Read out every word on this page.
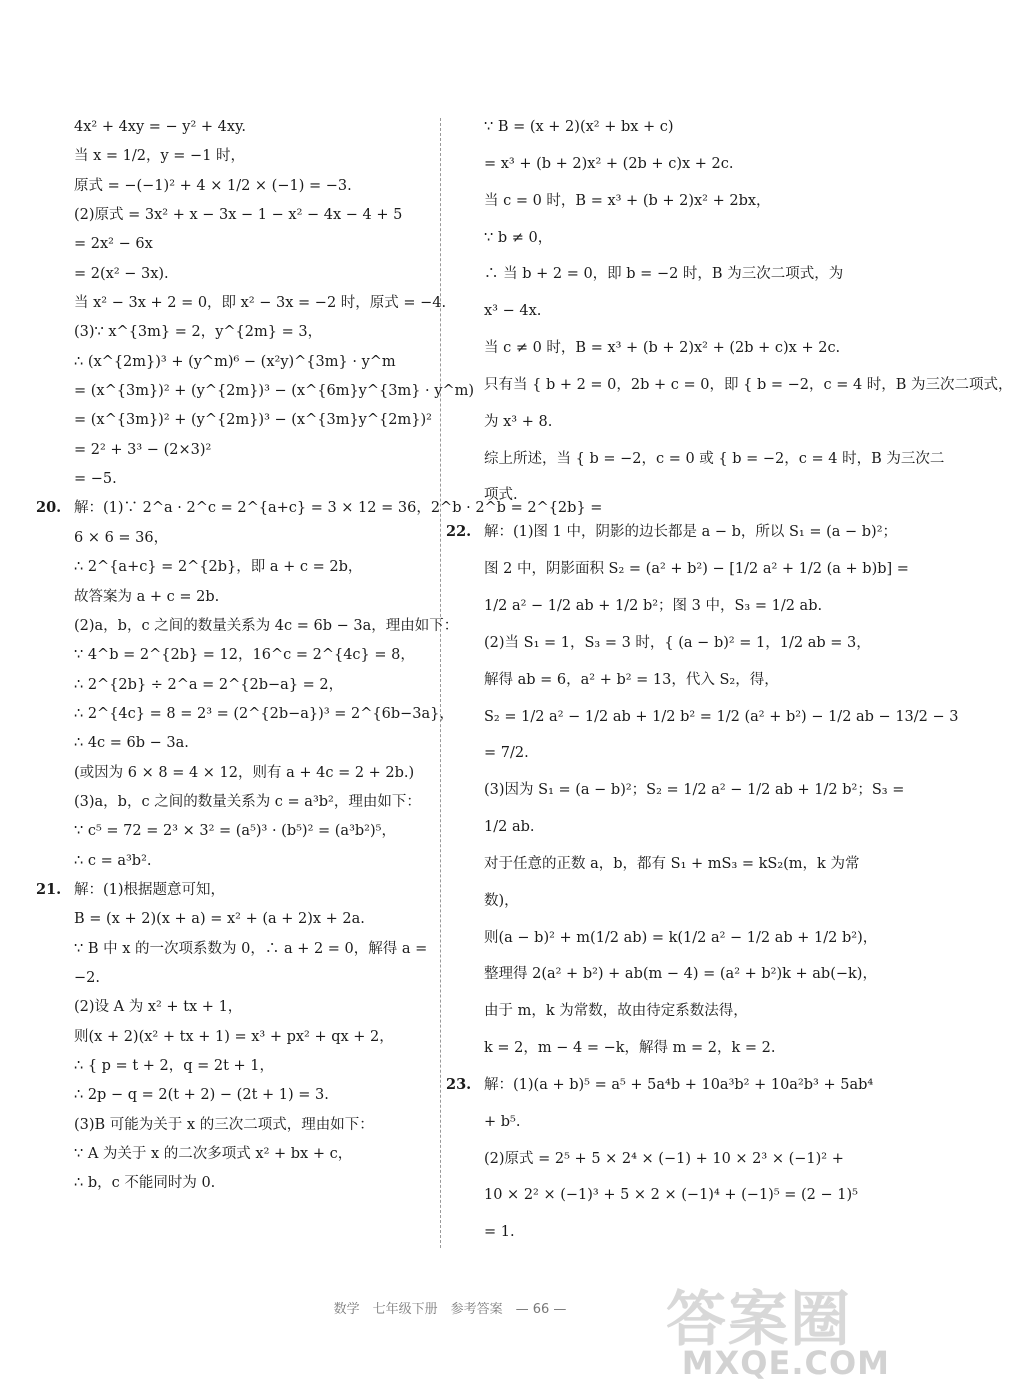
4x² + 4xy = − y² + 4xy.
当 x = 1/2，y = −1 时，
原式 = −(−1)² + 4 × 1/2 × (−1) = −3.
(2)原式 = 3x² + x − 3x − 1 − x² − 4x − 4 + 5
= 2x² − 6x
= 2(x² − 3x).
当 x² − 3x + 2 = 0，即 x² − 3x = −2 时，原式 = −4.
(3)∵ x^{3m} = 2，y^{2m} = 3，
∴ (x^{2m})³ + (y^m)⁶ − (x²y)^{3m} · y^m
= (x^{3m})² + (y^{2m})³ − (x^{6m}y^{3m} · y^m)
= (x^{3m})² + (y^{2m})³ − (x^{3m}y^{2m})²
= 2² + 3³ − (2×3)²
= −5.
20. 解：(1)∵ 2^a · 2^c = 2^{a+c} = 3 × 12 = 36，2^b · 2^b = 2^{2b} =
6 × 6 = 36，
∴ 2^{a+c} = 2^{2b}，即 a + c = 2b，
故答案为 a + c = 2b.
(2)a，b，c 之间的数量关系为 4c = 6b − 3a，理由如下：
∵ 4^b = 2^{2b} = 12，16^c = 2^{4c} = 8，
∴ 2^{2b} ÷ 2^a = 2^{2b−a} = 2，
∴ 2^{4c} = 8 = 2³ = (2^{2b−a})³ = 2^{6b−3a}，
∴ 4c = 6b − 3a.
(或因为 6 × 8 = 4 × 12，则有 a + 4c = 2 + 2b.)
(3)a，b，c 之间的数量关系为 c = a³b²，理由如下：
∵ c⁵ = 72 = 2³ × 3² = (a⁵)³ · (b⁵)² = (a³b²)⁵，
∴ c = a³b².
21. 解：(1)根据题意可知，
B = (x + 2)(x + a) = x² + (a + 2)x + 2a.
∵ B 中 x 的一次项系数为 0，∴ a + 2 = 0，解得 a =
−2.
(2)设 A 为 x² + tx + 1，
则(x + 2)(x² + tx + 1) = x³ + px² + qx + 2，
∴ { p = t + 2，q = 2t + 1，
∴ 2p − q = 2(t + 2) − (2t + 1) = 3.
(3)B 可能为关于 x 的三次二项式，理由如下：
∵ A 为关于 x 的二次多项式 x² + bx + c，
∴ b，c 不能同时为 0.
∵ B = (x + 2)(x² + bx + c)
= x³ + (b + 2)x² + (2b + c)x + 2c.
当 c = 0 时，B = x³ + (b + 2)x² + 2bx，
∵ b ≠ 0，
∴ 当 b + 2 = 0，即 b = −2 时，B 为三次二项式，为
x³ − 4x.
当 c ≠ 0 时，B = x³ + (b + 2)x² + (2b + c)x + 2c.
只有当 { b + 2 = 0，2b + c = 0，即 { b = −2，c = 4 时，B 为三次二项式，
为 x³ + 8.
综上所述，当 { b = −2，c = 0 或 { b = −2，c = 4 时，B 为三次二
项式.
22. 解：(1)图 1 中，阴影的边长都是 a − b，所以 S₁ = (a − b)²；
图 2 中，阴影面积 S₂ = (a² + b²) − [1/2 a² + 1/2 (a + b)b] =
1/2 a² − 1/2 ab + 1/2 b²；图 3 中，S₃ = 1/2 ab.
(2)当 S₁ = 1，S₃ = 3 时，{ (a − b)² = 1，1/2 ab = 3，
解得 ab = 6，a² + b² = 13，代入 S₂，得，
S₂ = 1/2 a² − 1/2 ab + 1/2 b² = 1/2 (a² + b²) − 1/2 ab − 13/2 − 3
= 7/2.
(3)因为 S₁ = (a − b)²；S₂ = 1/2 a² − 1/2 ab + 1/2 b²；S₃ =
1/2 ab.
对于任意的正数 a，b，都有 S₁ + mS₃ = kS₂(m，k 为常
数)，
则(a − b)² + m(1/2 ab) = k(1/2 a² − 1/2 ab + 1/2 b²)，
整理得 2(a² + b²) + ab(m − 4) = (a² + b²)k + ab(−k)，
由于 m，k 为常数，故由待定系数法得，
k = 2，m − 4 = −k，解得 m = 2，k = 2.
23. 解：(1)(a + b)⁵ = a⁵ + 5a⁴b + 10a³b² + 10a²b³ + 5ab⁴
+ b⁵.
(2)原式 = 2⁵ + 5 × 2⁴ × (−1) + 10 × 2³ × (−1)² +
10 × 2² × (−1)³ + 5 × 2 × (−1)⁴ + (−1)⁵ = (2 − 1)⁵
= 1.
数学　七年级下册　参考答案　— 66 —	答案圈
MXQE.COM
